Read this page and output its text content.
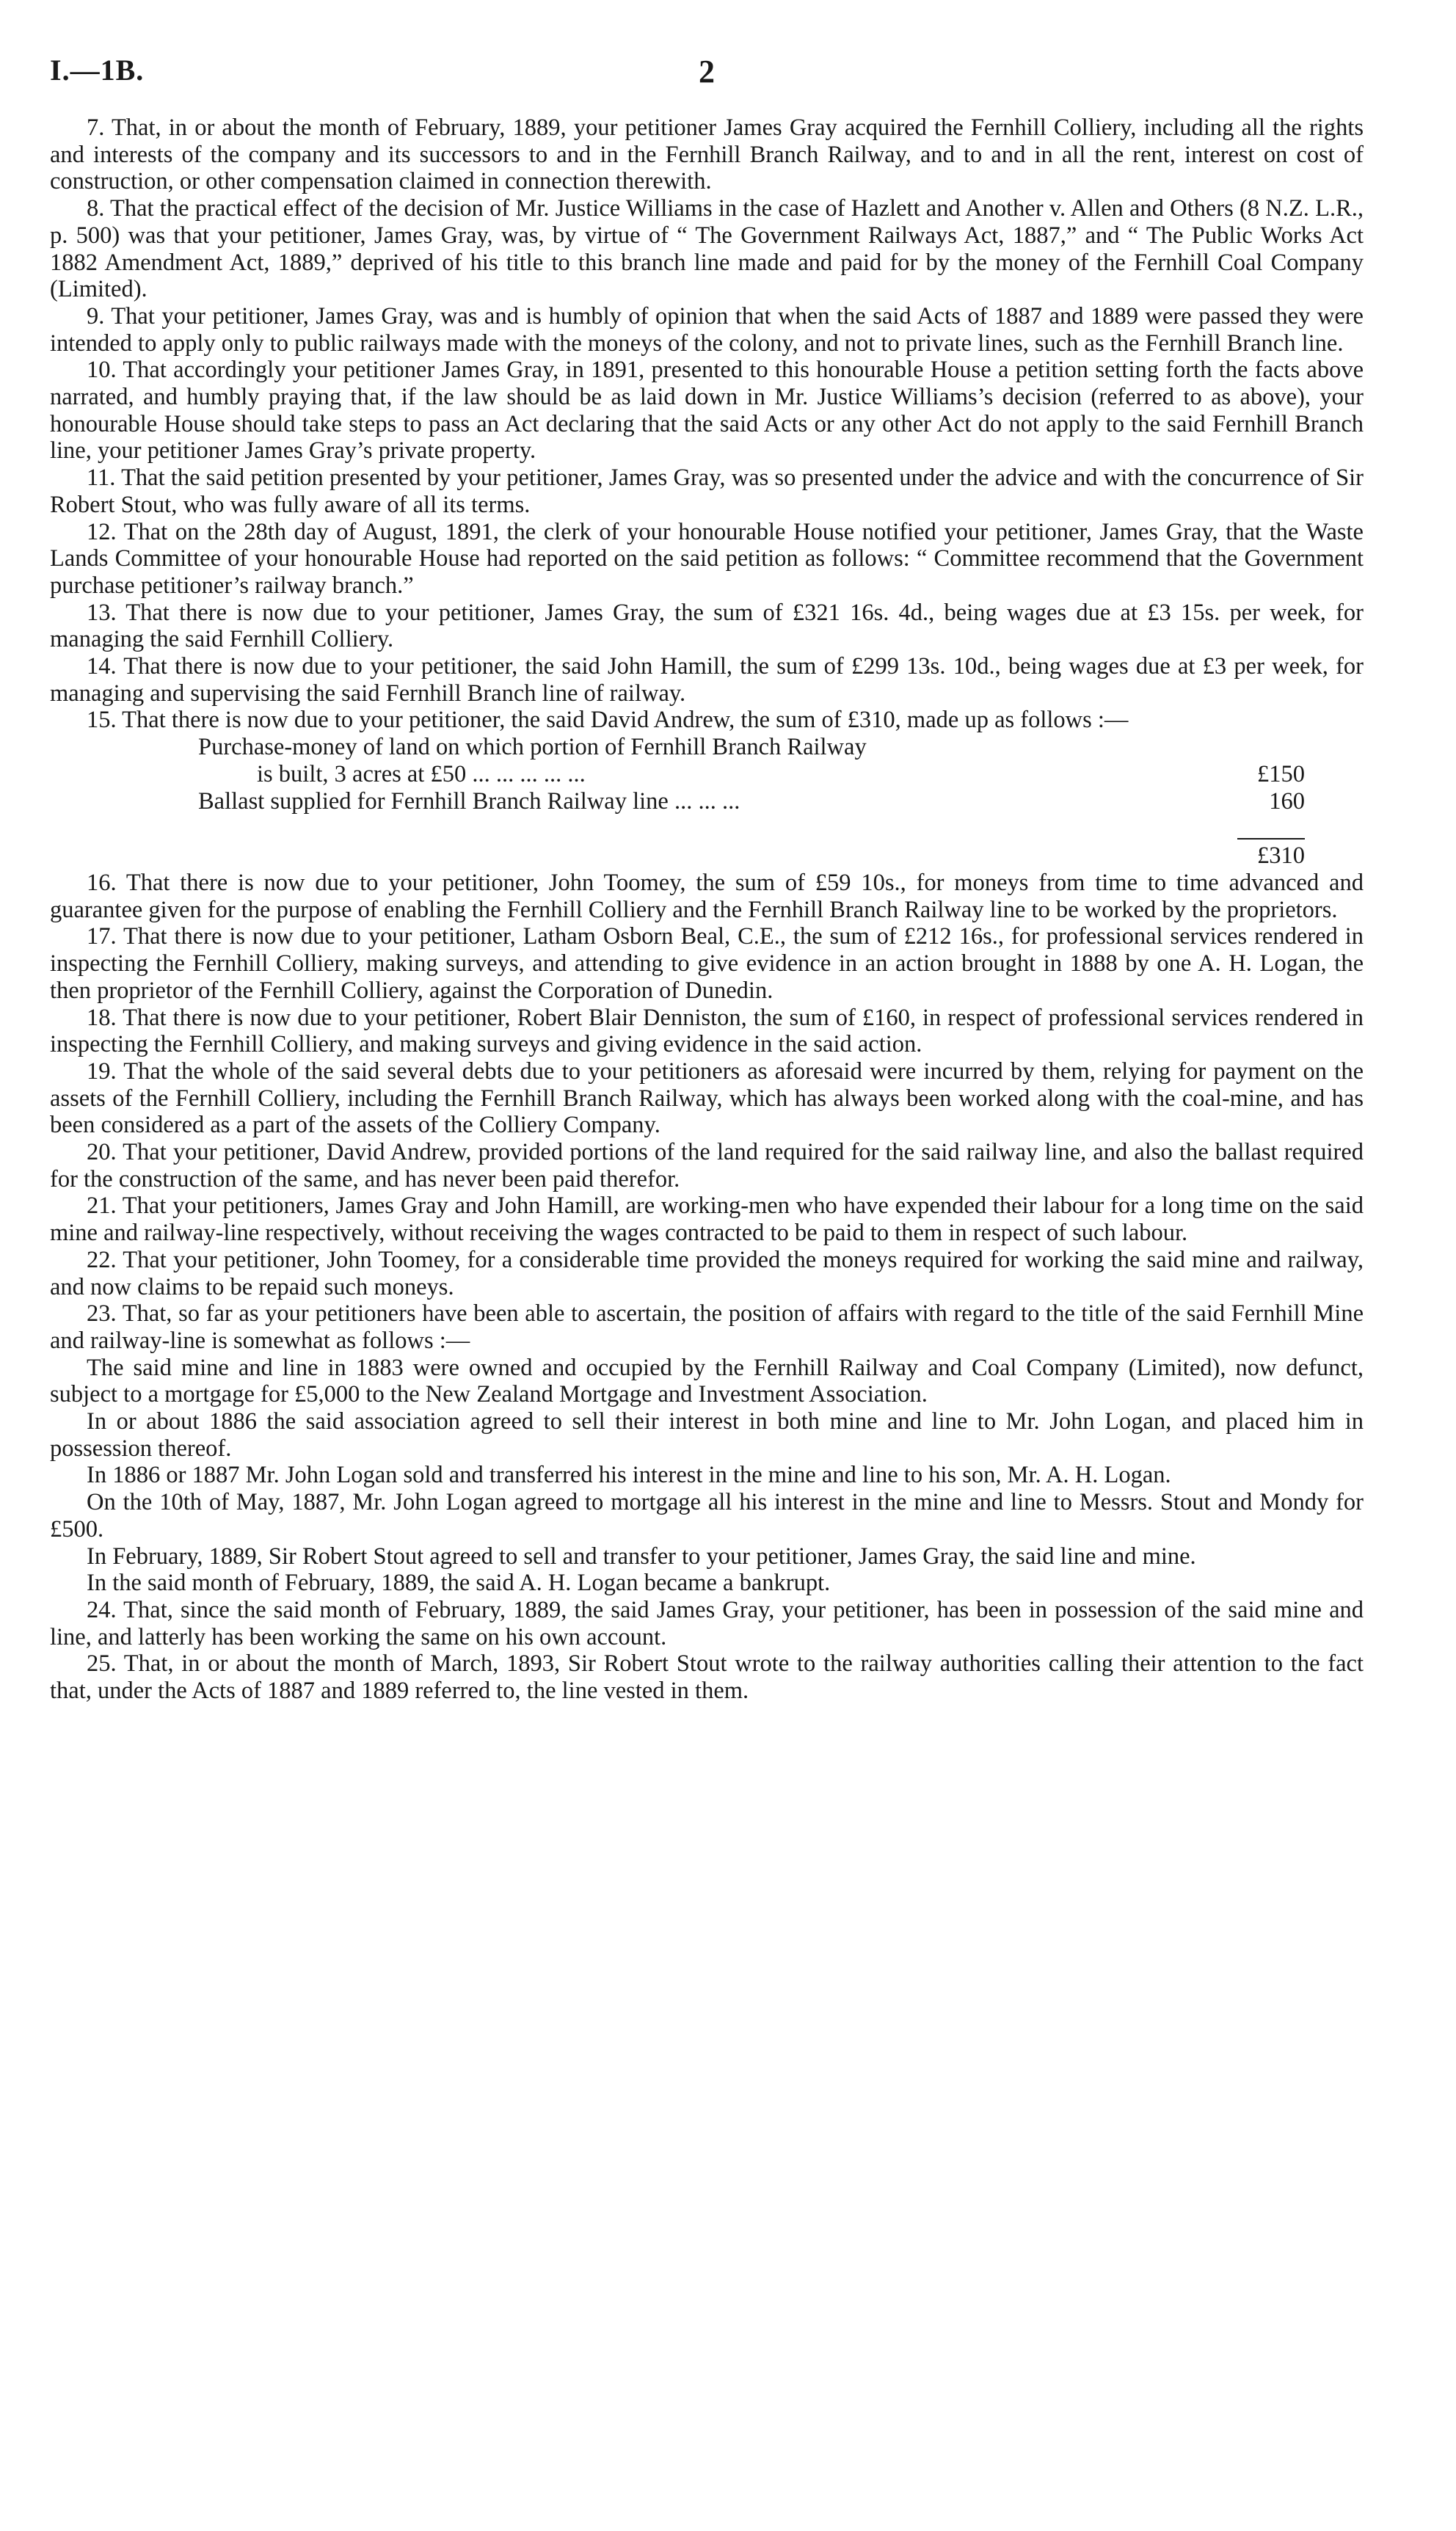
I.—1B.	2

7. That, in or about the month of February, 1889, your petitioner James Gray acquired the Fernhill Colliery, including all the rights and interests of the company and its successors to and in the Fernhill Branch Railway, and to and in all the rent, interest on cost of construction, or other compensation claimed in connection therewith.

8. That the practical effect of the decision of Mr. Justice Williams in the case of Hazlett and Another v. Allen and Others (8 N.Z. L.R., p. 500) was that your petitioner, James Gray, was, by virtue of “ The Government Railways Act, 1887,” and “ The Public Works Act 1882 Amendment Act, 1889,” deprived of his title to this branch line made and paid for by the money of the Fernhill Coal Company (Limited).

9. That your petitioner, James Gray, was and is humbly of opinion that when the said Acts of 1887 and 1889 were passed they were intended to apply only to public railways made with the moneys of the colony, and not to private lines, such as the Fernhill Branch line.

10. That accordingly your petitioner James Gray, in 1891, presented to this honourable House a petition setting forth the facts above narrated, and humbly praying that, if the law should be as laid down in Mr. Justice Williams’s decision (referred to as above), your honourable House should take steps to pass an Act declaring that the said Acts or any other Act do not apply to the said Fernhill Branch line, your petitioner James Gray’s private property.

11. That the said petition presented by your petitioner, James Gray, was so presented under the advice and with the concurrence of Sir Robert Stout, who was fully aware of all its terms.

12. That on the 28th day of August, 1891, the clerk of your honourable House notified your petitioner, James Gray, that the Waste Lands Committee of your honourable House had reported on the said petition as follows: “ Committee recommend that the Government purchase petitioner’s railway branch.”

13. That there is now due to your petitioner, James Gray, the sum of £321 16s. 4d., being wages due at £3 15s. per week, for managing the said Fernhill Colliery.

14. That there is now due to your petitioner, the said John Hamill, the sum of £299 13s. 10d., being wages due at £3 per week, for managing and supervising the said Fernhill Branch line of railway.

15. That there is now due to your petitioner, the said David Andrew, the sum of £310, made up as follows :—

Purchase-money of land on which portion of Fernhill Branch Railway
is built, 3 acres at £50 ... ... ... ... ...	£150
Ballast supplied for Fernhill Branch Railway line ... ... ...	160
£310

16. That there is now due to your petitioner, John Toomey, the sum of £59 10s., for moneys from time to time advanced and guarantee given for the purpose of enabling the Fernhill Colliery and the Fernhill Branch Railway line to be worked by the proprietors.

17. That there is now due to your petitioner, Latham Osborn Beal, C.E., the sum of £212 16s., for professional services rendered in inspecting the Fernhill Colliery, making surveys, and attending to give evidence in an action brought in 1888 by one A. H. Logan, the then proprietor of the Fernhill Colliery, against the Corporation of Dunedin.

18. That there is now due to your petitioner, Robert Blair Denniston, the sum of £160, in respect of professional services rendered in inspecting the Fernhill Colliery, and making surveys and giving evidence in the said action.

19. That the whole of the said several debts due to your petitioners as aforesaid were incurred by them, relying for payment on the assets of the Fernhill Colliery, including the Fernhill Branch Railway, which has always been worked along with the coal-mine, and has been considered as a part of the assets of the Colliery Company.

20. That your petitioner, David Andrew, provided portions of the land required for the said railway line, and also the ballast required for the construction of the same, and has never been paid therefor.

21. That your petitioners, James Gray and John Hamill, are working-men who have expended their labour for a long time on the said mine and railway-line respectively, without receiving the wages contracted to be paid to them in respect of such labour.

22. That your petitioner, John Toomey, for a considerable time provided the moneys required for working the said mine and railway, and now claims to be repaid such moneys.

23. That, so far as your petitioners have been able to ascertain, the position of affairs with regard to the title of the said Fernhill Mine and railway-line is somewhat as follows :—

The said mine and line in 1883 were owned and occupied by the Fernhill Railway and Coal Company (Limited), now defunct, subject to a mortgage for £5,000 to the New Zealand Mortgage and Investment Association.

In or about 1886 the said association agreed to sell their interest in both mine and line to Mr. John Logan, and placed him in possession thereof.

In 1886 or 1887 Mr. John Logan sold and transferred his interest in the mine and line to his son, Mr. A. H. Logan.

On the 10th of May, 1887, Mr. John Logan agreed to mortgage all his interest in the mine and line to Messrs. Stout and Mondy for £500.

In February, 1889, Sir Robert Stout agreed to sell and transfer to your petitioner, James Gray, the said line and mine.

In the said month of February, 1889, the said A. H. Logan became a bankrupt.

24. That, since the said month of February, 1889, the said James Gray, your petitioner, has been in possession of the said mine and line, and latterly has been working the same on his own account.

25. That, in or about the month of March, 1893, Sir Robert Stout wrote to the railway authorities calling their attention to the fact that, under the Acts of 1887 and 1889 referred to, the line vested in them.
